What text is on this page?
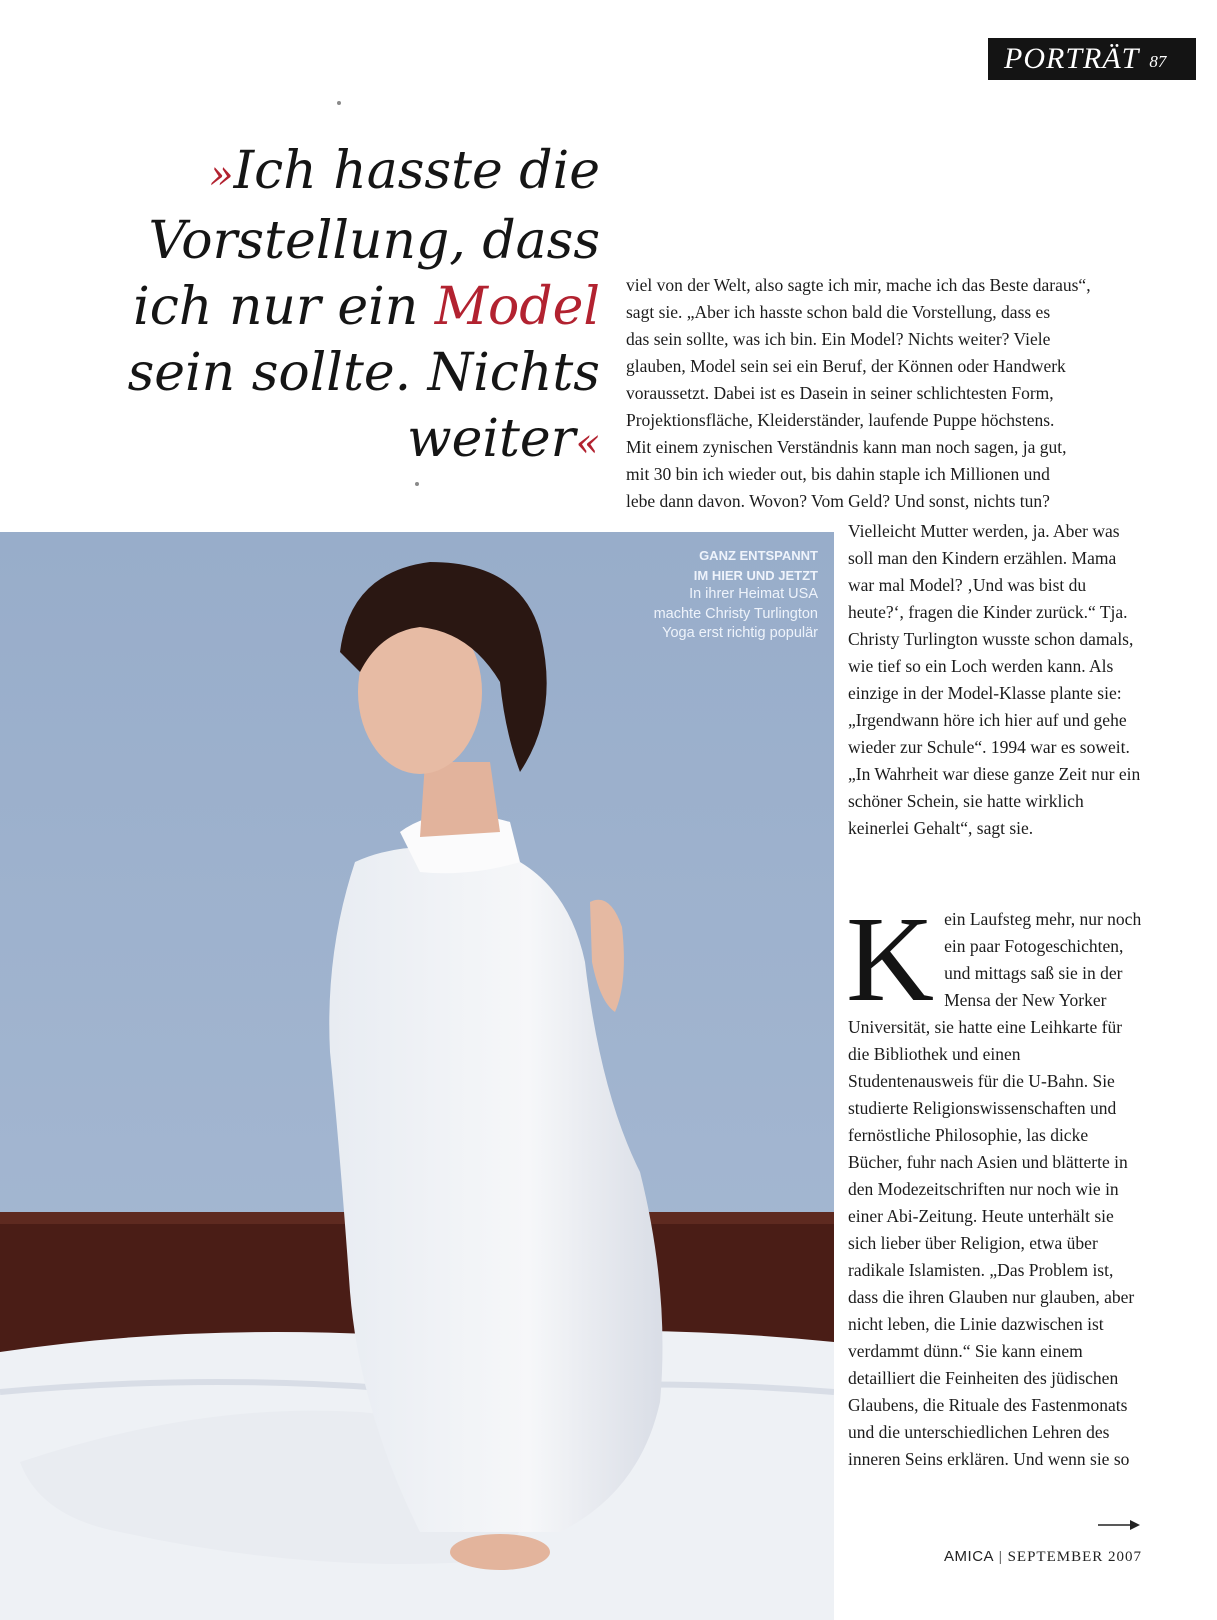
PORTRÄT 87
»Ich hasste die Vorstellung, dass ich nur ein Model sein sollte. Nichts weiter«
viel von der Welt, also sagte ich mir, mache ich das Beste daraus“,
sagt sie. „Aber ich hasste schon bald die Vorstellung, dass es
das sein sollte, was ich bin. Ein Model? Nichts weiter? Viele
glauben, Model sein sei ein Beruf, der Können oder Handwerk
voraussetzt. Dabei ist es Dasein in seiner schlichtesten Form,
Projektionsfläche, Kleiderständer, laufende Puppe höchstens.
Mit einem zynischen Verständnis kann man noch sagen, ja gut,
mit 30 bin ich wieder out, bis dahin staple ich Millionen und
lebe dann davon. Wovon? Vom Geld? Und sonst, nichts tun?
GANZ ENTSPANNT
IM HIER UND JETZT
In ihrer Heimat USA machte Christy Turlington Yoga erst richtig populär

Vielleicht Mutter werden, ja. Aber was soll man den Kindern erzählen. Mama war mal Model? ‚Und was bist du heute?‘, fragen die Kinder zurück.“ Tja. Christy Turlington wusste schon damals, wie tief so ein Loch werden kann. Als einzige in der Model-Klasse plante sie: „Irgendwann höre ich hier auf und gehe wieder zur Schule“. 1994 war es soweit. „In Wahrheit war diese ganze Zeit nur ein schöner Schein, sie hatte wirklich keinerlei Gehalt“, sagt sie.

K ein Laufsteg mehr, nur noch ein paar Fotogeschichten, und mittags saß sie in der Mensa der New Yorker Universität, sie hatte eine Leihkarte für die Bibliothek und einen Studentenausweis für die U-Bahn. Sie studierte Religionswissenschaften und fernöstliche Philosophie, las dicke Bücher, fuhr nach Asien und blätterte in den Modezeitschriften nur noch wie in einer Abi-Zeitung. Heute unterhält sie sich lieber über Religion, etwa über radikale Islamisten. „Das Problem ist, dass die ihren Glauben nur glauben, aber nicht leben, die Linie dazwischen ist verdammt dünn.“ Sie kann einem detailliert die Feinheiten des jüdischen Glaubens, die Rituale des Fastenmonats und die unterschiedlichen Lehren des inneren Seins erklären. Und wenn sie so
AMICA | SEPTEMBER 2007
